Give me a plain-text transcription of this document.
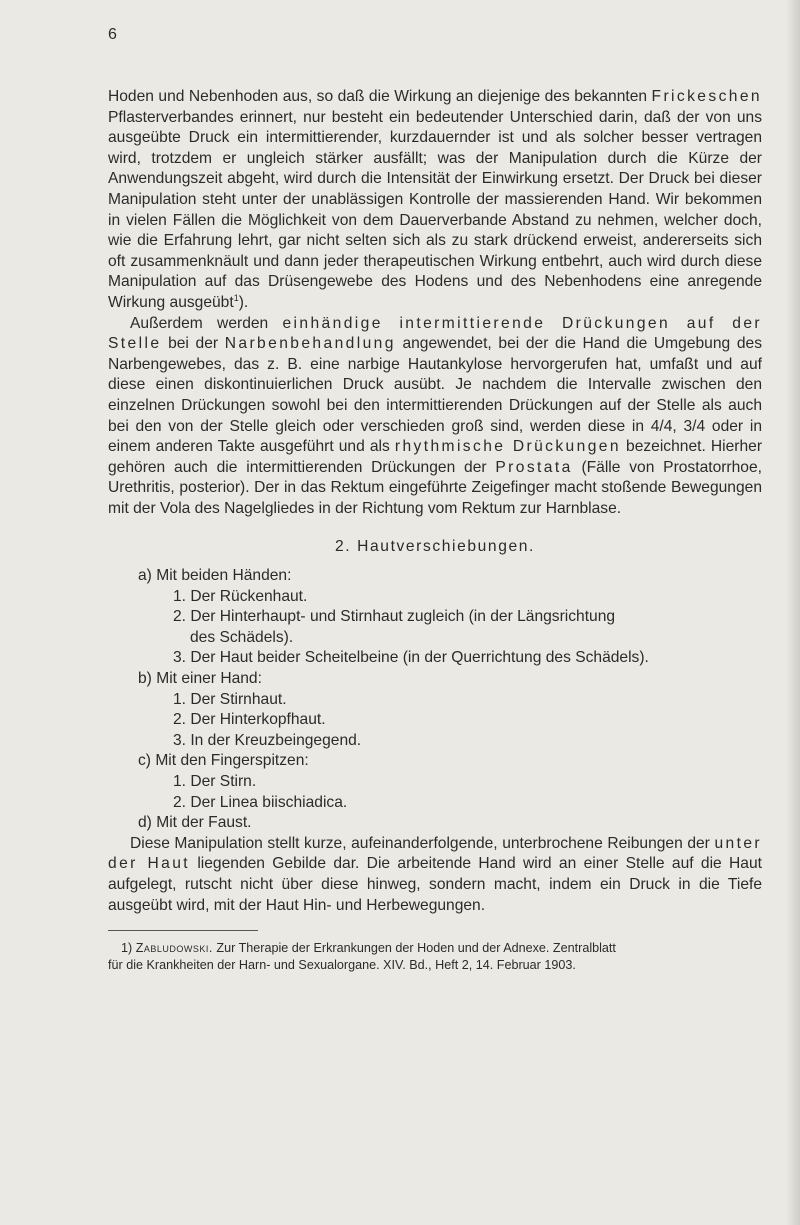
6

Hoden und Nebenhoden aus, so daß die Wirkung an diejenige des bekannten Frickeschen Pflasterverbandes erinnert, nur besteht ein bedeutender Unterschied darin, daß der von uns ausgeübte Druck ein intermittierender, kurzdauernder ist und als solcher besser vertragen wird, trotzdem er ungleich stärker ausfällt; was der Manipulation durch die Kürze der Anwendungszeit abgeht, wird durch die Intensität der Einwirkung ersetzt. Der Druck bei dieser Manipulation steht unter der unablässigen Kontrolle der massierenden Hand. Wir bekommen in vielen Fällen die Möglichkeit von dem Dauerverbande Abstand zu nehmen, welcher doch, wie die Erfahrung lehrt, gar nicht selten sich als zu stark drückend erweist, andererseits sich oft zusammenknäult und dann jeder therapeutischen Wirkung entbehrt, auch wird durch diese Manipulation auf das Drüsengewebe des Hodens und des Nebenhodens eine anregende Wirkung ausgeübt$^1$).

Außerdem werden einhändige intermittierende Drückungen auf der Stelle bei der Narbenbehandlung angewendet, bei der die Hand die Umgebung des Narbengewebes, das z. B. eine narbige Hautankylose hervorgerufen hat, umfaßt und auf diese einen diskontinuierlichen Druck ausübt. Je nachdem die Intervalle zwischen den einzelnen Drückungen sowohl bei den intermittierenden Drückungen auf der Stelle als auch bei den von der Stelle gleich oder verschieden groß sind, werden diese in 4/4, 3/4 oder in einem anderen Takte ausgeführt und als rhythmische Drückungen bezeichnet. Hierher gehören auch die intermittierenden Drückungen der Prostata (Fälle von Prostatorrhoe, Urethritis, posterior). Der in das Rektum eingeführte Zeigefinger macht stoßende Bewegungen mit der Vola des Nagelgliedes in der Richtung vom Rektum zur Harnblase.

2. Hautverschiebungen.
a) Mit beiden Händen:
1. Der Rückenhaut.
2. Der Hinterhaupt- und Stirnhaut zugleich (in der Längsrichtung
des Schädels).
3. Der Haut beider Scheitelbeine (in der Querrichtung des Schädels).
b) Mit einer Hand:
1. Der Stirnhaut.
2. Der Hinterkopfhaut.
3. In der Kreuzbeingegend.
c) Mit den Fingerspitzen:
1. Der Stirn.
2. Der Linea biischiadica.
d) Mit der Faust.

Diese Manipulation stellt kurze, aufeinanderfolgende, unterbrochene Reibungen der unter der Haut liegenden Gebilde dar. Die arbeitende Hand wird an einer Stelle auf die Haut aufgelegt, rutscht nicht über diese hinweg, sondern macht, indem ein Druck in die Tiefe ausgeübt wird, mit der Haut Hin- und Herbewegungen.

1) Zabludowski. Zur Therapie der Erkrankungen der Hoden und der Adnexe. Zentralblatt
für die Krankheiten der Harn- und Sexualorgane. XIV. Bd., Heft 2, 14. Februar 1903.
